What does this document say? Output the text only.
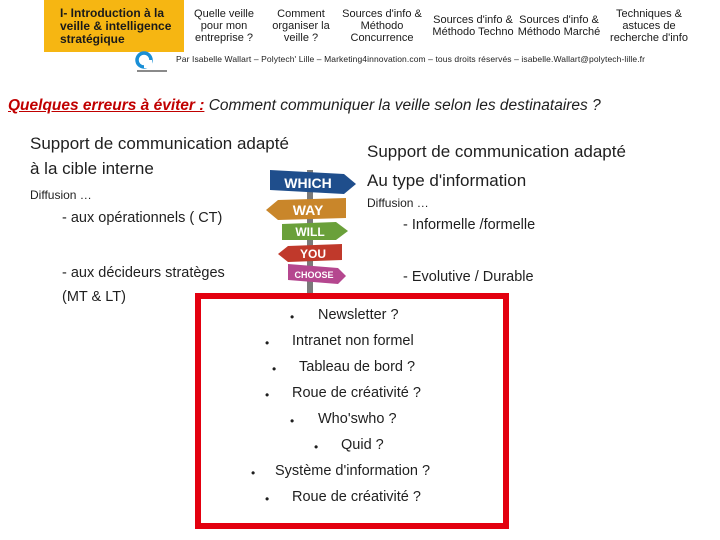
I- Introduction à la veille & intelligence stratégique
Quelle veille pour mon entreprise ?
Comment organiser la veille ?
Sources d'info & Méthodo Concurrence
Sources d'info & Méthodo Techno
Sources d'info & Méthodo Marché
Techniques & astuces de recherche d'info
Par Isabelle Wallart – Polytech' Lille – Marketing4innovation.com – tous droits réservés – isabelle.Wallart@polytech-lille.fr
Quelques erreurs à éviter : Comment communiquer la veille selon les destinataires ?
Support de communication adapté
à la cible interne
Diffusion …
- aux opérationnels ( CT)
- aux décideurs stratèges
(MT & LT)
Support de communication adapté
Au type d'information
Diffusion …
- Informelle /formelle
- Evolutive / Durable
WHICH
WAY
WILL
YOU
CHOOSE
• Newsletter ?
• Intranet non formel
• Tableau de bord ?
• Roue de créativité ?
• Who'swho ?
• Quid ?
• Système d'information ?
• Roue de créativité ?
